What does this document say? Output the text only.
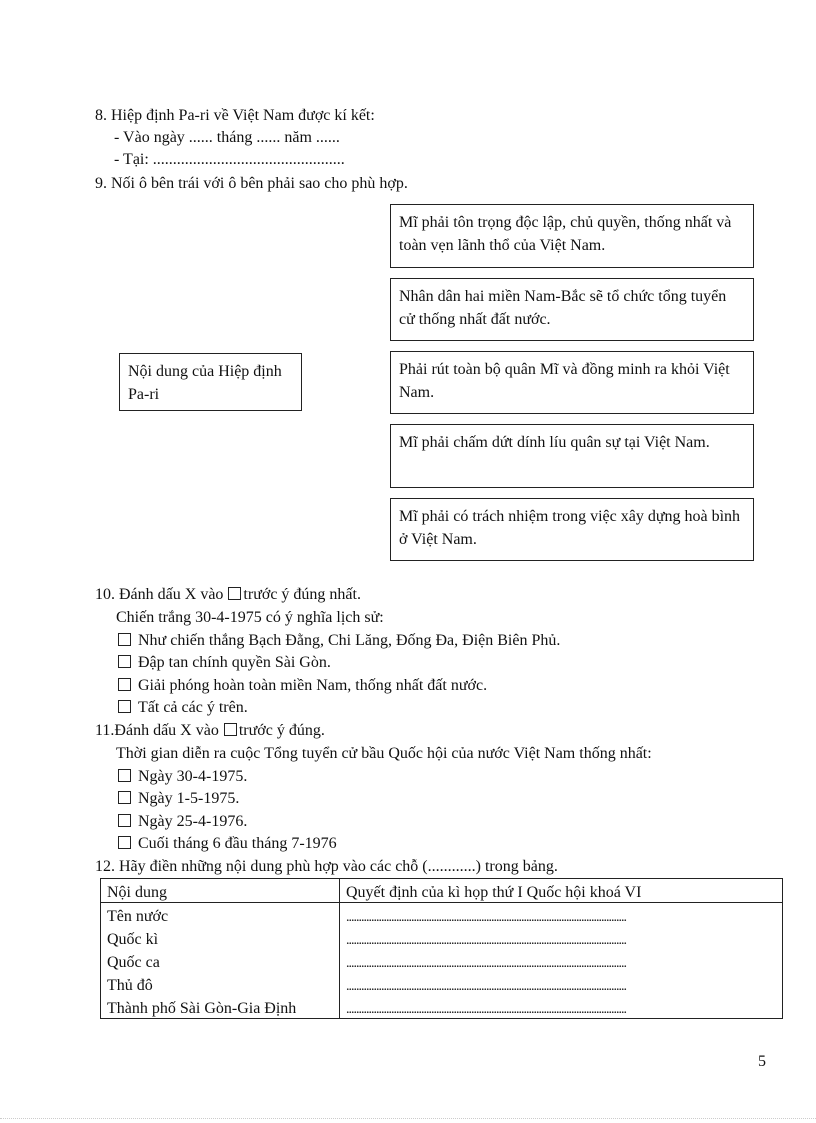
8. Hiệp định Pa-ri về Việt Nam được kí kết:
- Vào ngày ...... tháng ...... năm ......
- Tại: ................................................
9. Nối ô bên trái với ô bên phải sao cho phù hợp.
Nội dung của Hiệp định Pa-ri
Mĩ phải tôn trọng độc lập, chủ quyền, thống nhất và toàn vẹn lãnh thổ của Việt Nam.
Nhân dân hai miền Nam-Bắc sẽ tổ chức tổng tuyển cử thống nhất đất nước.
Phải rút toàn bộ quân Mĩ và đồng minh ra khỏi Việt Nam.
Mĩ phải chấm dứt dính líu quân sự tại Việt Nam.
Mĩ phải có trách nhiệm trong việc xây dựng hoà bình ở Việt Nam.
10. Đánh dấu X vào trước ý đúng nhất.
Chiến trắng 30-4-1975 có ý nghĩa lịch sử:
Như chiến thắng Bạch Đằng, Chi Lăng, Đống Đa, Điện Biên Phủ.
Đập tan chính quyền Sài Gòn.
Giải phóng hoàn toàn miền Nam, thống nhất đất nước.
Tất cả các ý trên.
11.Đánh dấu X vào trước ý đúng.
Thời gian diễn ra cuộc Tổng tuyển cử bầu Quốc hội của nước Việt Nam thống nhất:
Ngày 30-4-1975.
Ngày 1-5-1975.
Ngày 25-4-1976.
Cuối tháng 6 đầu tháng 7-1976
12. Hãy điền những nội dung phù hợp vào các chỗ (............) trong bảng.
Nội dung	Quyết định của kì họp thứ I Quốc hội khoá VI
Tên nước	................................................................................................................

Quốc kì	................................................................................................................

Quốc ca	................................................................................................................

Thủ đô	................................................................................................................

Thành phố Sài Gòn-Gia Định	................................................................................................................
5
